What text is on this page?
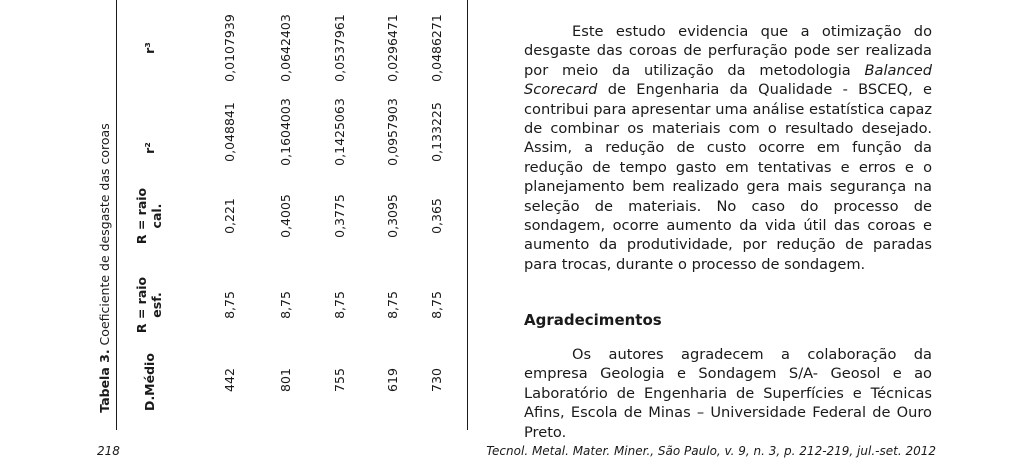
Tabela 3. Coeficiente de desgaste das coroas
D.Médio
R = raio esf.
R = raio cal.
r²
r³
442
8,75
0,221
0,048841
0,0107939
801
8,75
0,4005
0,1604003
0,0642403
755
8,75
0,3775
0,1425063
0,0537961
619
8,75
0,3095
0,0957903
0,0296471
730
8,75
0,365
0,133225
0,0486271	Este estudo evidencia que a otimização do desgaste das coroas de perfuração pode ser realizada por meio da utilização da metodologia Balanced Scorecard de Engenharia da Qualidade - BSCEQ, e contribui para apresentar uma análise estatística capaz de combinar os materiais com o resultado desejado. Assim, a redução de custo ocorre em função da redução de tempo gasto em tentativas e erros e o planejamento bem realizado gera mais segurança na seleção de materiais. No caso do processo de sondagem, ocorre aumento da vida útil das coroas e aumento da produtividade, por redução de paradas para trocas, durante o processo de sondagem.

Agradecimentos

Os autores agradecem a colaboração da empresa Geologia e Sondagem S/A- Geosol e ao Laboratório de Engenharia de Superfícies e Técnicas Afins, Escola de Minas – Universidade Federal de Ouro Preto.

218	Tecnol. Metal. Mater. Miner., São Paulo, v. 9, n. 3, p. 212-219, jul.-set. 2012
